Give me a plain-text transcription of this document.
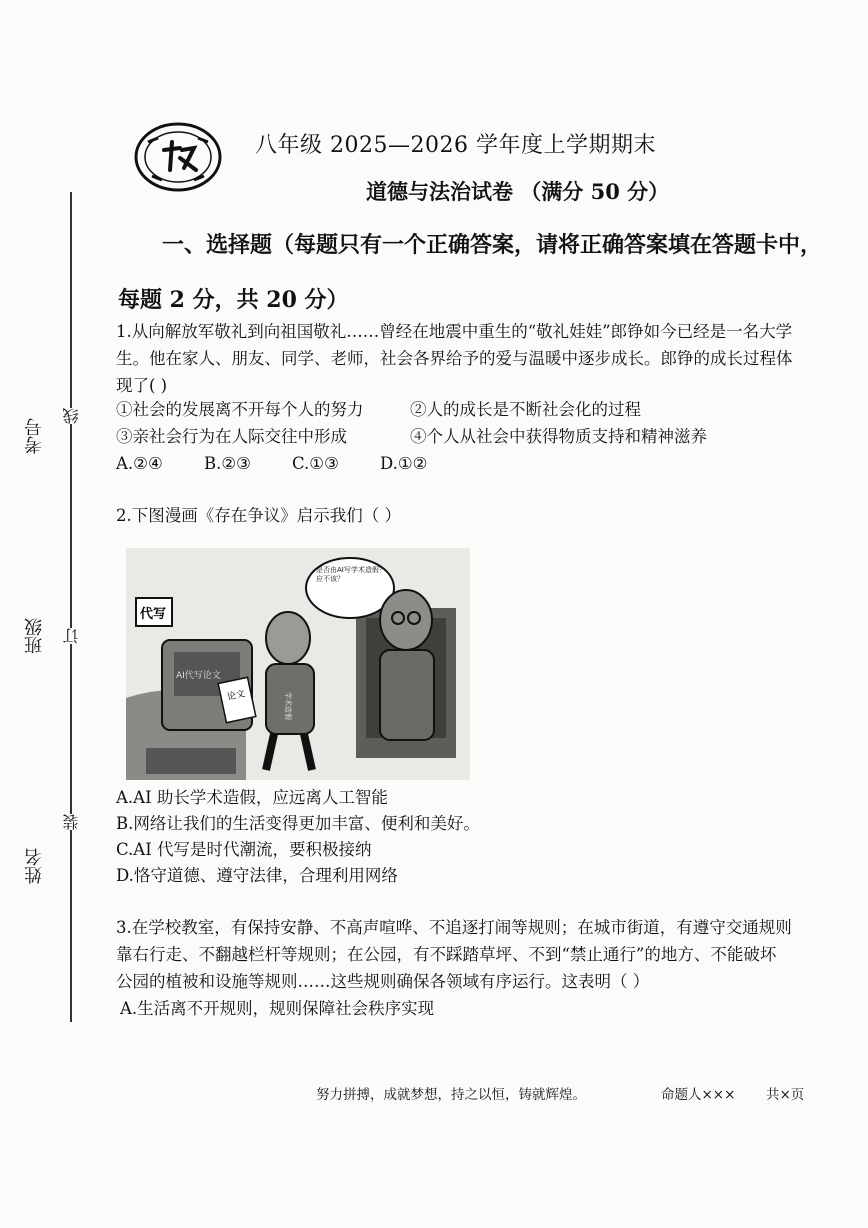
八年级 2025—2026 学年度上学期期末
道德与法治试卷 （满分 50 分）
一、选择题（每题只有一个正确答案，请将正确答案填在答题卡中，
每题 2 分，共 20 分）
线
订
装
考号
班级
姓名
1.从向解放军敬礼到向祖国敬礼……曾经在地震中重生的“敬礼娃娃”郎铮如今已经是一名大学
生。他在家人、朋友、同学、老师，社会各界给予的爱与温暖中逐步成长。郎铮的成长过程体
现了( )
①社会的发展离不开每个人的努力	②人的成长是不断社会化的过程
③亲社会行为在人际交往中形成	④个人从社会中获得物质支持和精神滋养
A.②④	B.②③ C.①③ D.①②
2.下图漫画《存在争议》启示我们（ ）
代写
AI代写论文
论文	学术造假
是否由AI写学术造假？应不该？
A.AI 助长学术造假，应远离人工智能
B.网络让我们的生活变得更加丰富、便利和美好。
C.AI 代写是时代潮流，要积极接纳
D.恪守道德、遵守法律，合理利用网络
3.在学校教室，有保持安静、不高声喧哗、不追逐打闹等规则；在城市街道，有遵守交通规则
靠右行走、不翻越栏杆等规则；在公园，有不踩踏草坪、不到“禁止通行”的地方、不能破坏
公园的植被和设施等规则……这些规则确保各领域有序运行。这表明（ ）
A.生活离不开规则，规则保障社会秩序实现
努力拼搏，成就梦想，持之以恒，铸就辉煌。	命题人××× 共×页
